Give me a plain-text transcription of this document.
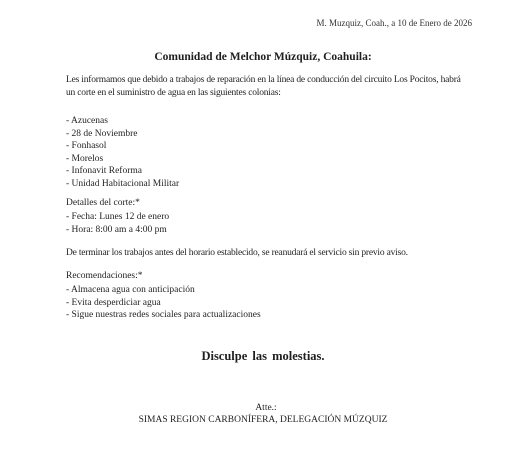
M. Muzquiz, Coah., a 10 de Enero de 2026
Comunidad de Melchor Múzquiz, Coahuila:
Les informamos que debido a trabajos de reparación en la línea de conducción del circuito Los Pocitos, habrá un corte en el suministro de agua en las siguientes colonias:
- Azucenas
- 28 de Noviembre
- Fonhasol
- Morelos
- Infonavit Reforma
- Unidad Habitacional Militar
Detalles del corte:*
- Fecha: Lunes 12 de enero
- Hora: 8:00 am a 4:00 pm
De terminar los trabajos antes del horario establecido, se reanudará el servicio sin previo aviso.
Recomendaciones:*
- Almacena agua con anticipación
- Evita desperdiciar agua
- Sigue nuestras redes sociales para actualizaciones
Disculpe las molestias.
Atte.:
SIMAS REGION CARBONÍFERA, DELEGACIÓN MÚZQUIZ
